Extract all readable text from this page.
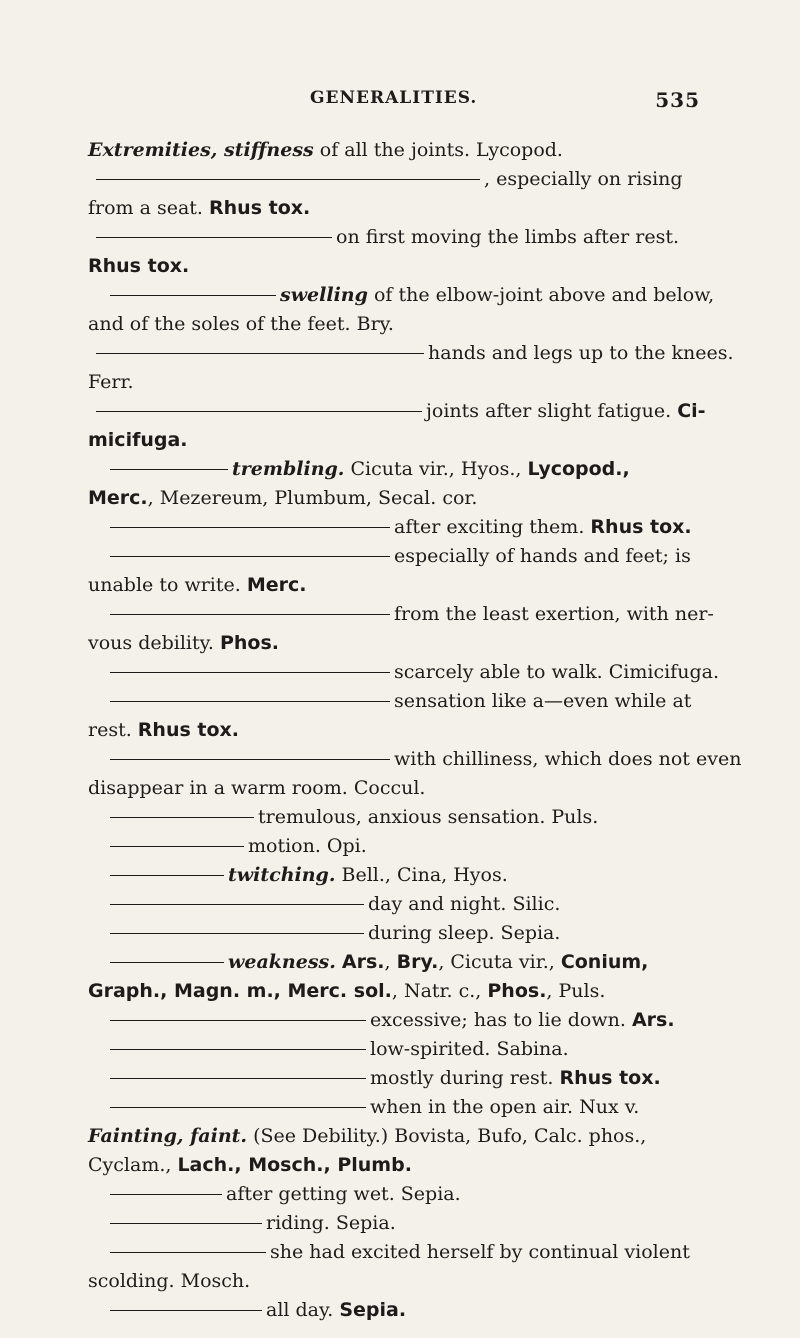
GENERALITIES.	535
Extremities, stiffness of all the joints. Lycopod.
, especially on rising
from a seat. Rhus tox.
on first moving the limbs after rest.
Rhus tox.
swelling of the elbow-joint above and below,
and of the soles of the feet. Bry.
hands and legs up to the knees.
Ferr.
joints after slight fatigue. Ci-
micifuga.
trembling. Cicuta vir., Hyos., Lycopod.,
Merc., Mezereum, Plumbum, Secal. cor.
after exciting them. Rhus tox.
especially of hands and feet; is
unable to write. Merc.
from the least exertion, with ner-
vous debility. Phos.
scarcely able to walk. Cimicifuga.
sensation like a—even while at
rest. Rhus tox.
with chilliness, which does not even
disappear in a warm room. Coccul.
tremulous, anxious sensation. Puls.
motion. Opi.
twitching. Bell., Cina, Hyos.
day and night. Silic.
during sleep. Sepia.
weakness. Ars., Bry., Cicuta vir., Conium,
Graph., Magn. m., Merc. sol., Natr. c., Phos., Puls.
excessive; has to lie down. Ars.
low-spirited. Sabina.
mostly during rest. Rhus tox.
when in the open air. Nux v.
Fainting, faint. (See Debility.) Bovista, Bufo, Calc. phos.,
Cyclam., Lach., Mosch., Plumb.
after getting wet. Sepia.
riding. Sepia.
she had excited herself by continual violent
scolding. Mosch.
all day. Sepia.
